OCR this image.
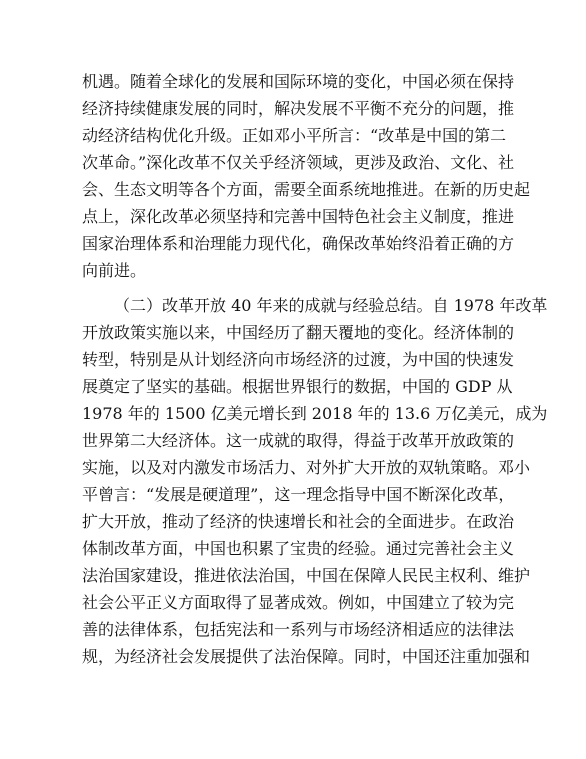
机遇。随着全球化的发展和国际环境的变化，中国必须在保持
经济持续健康发展的同时，解决发展不平衡不充分的问题，推
动经济结构优化升级。正如邓小平所言：“改革是中国的第二
次革命。”深化改革不仅关乎经济领域，更涉及政治、文化、社
会、生态文明等各个方面，需要全面系统地推进。在新的历史起
点上，深化改革必须坚持和完善中国特色社会主义制度，推进
国家治理体系和治理能力现代化，确保改革始终沿着正确的方
向前进。
（二）改革开放 40 年来的成就与经验总结。自 1978 年改革
开放政策实施以来，中国经历了翻天覆地的变化。经济体制的
转型，特别是从计划经济向市场经济的过渡，为中国的快速发
展奠定了坚实的基础。根据世界银行的数据，中国的 GDP 从
1978 年的 1500 亿美元增长到 2018 年的 13.6 万亿美元，成为
世界第二大经济体。这一成就的取得，得益于改革开放政策的
实施，以及对内激发市场活力、对外扩大开放的双轨策略。邓小
平曾言：“发展是硬道理”，这一理念指导中国不断深化改革，
扩大开放，推动了经济的快速增长和社会的全面进步。在政治
体制改革方面，中国也积累了宝贵的经验。通过完善社会主义
法治国家建设，推进依法治国，中国在保障人民民主权利、维护
社会公平正义方面取得了显著成效。例如，中国建立了较为完
善的法律体系，包括宪法和一系列与市场经济相适应的法律法
规，为经济社会发展提供了法治保障。同时，中国还注重加强和
